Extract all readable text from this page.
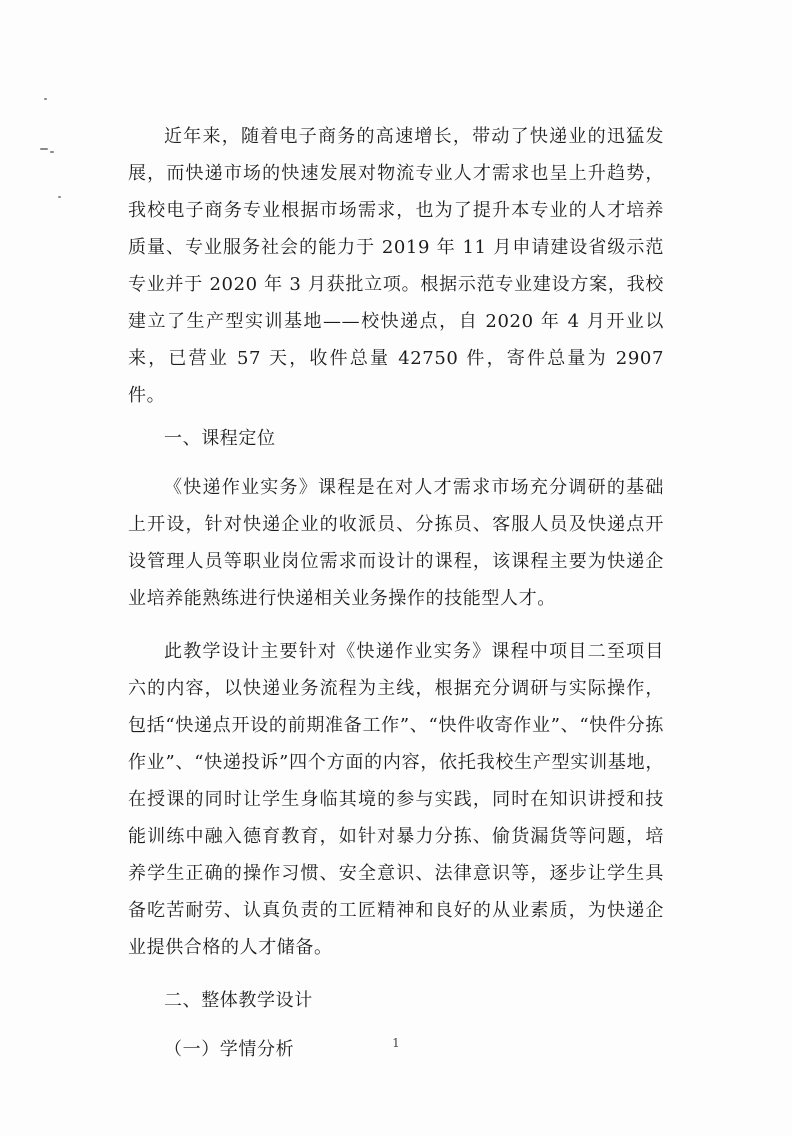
近年来，随着电子商务的高速增长，带动了快递业的迅猛发展，而快递市场的快速发展对物流专业人才需求也呈上升趋势，我校电子商务专业根据市场需求，也为了提升本专业的人才培养质量、专业服务社会的能力于 2019 年 11 月申请建设省级示范专业并于 2020 年 3 月获批立项。根据示范专业建设方案，我校建立了生产型实训基地——校快递点，自 2020 年 4 月开业以来，已营业 57 天，收件总量 42750 件，寄件总量为 2907 件。

一、课程定位

《快递作业实务》课程是在对人才需求市场充分调研的基础上开设，针对快递企业的收派员、分拣员、客服人员及快递点开设管理人员等职业岗位需求而设计的课程，该课程主要为快递企业培养能熟练进行快递相关业务操作的技能型人才。

此教学设计主要针对《快递作业实务》课程中项目二至项目六的内容，以快递业务流程为主线，根据充分调研与实际操作，包括“快递点开设的前期准备工作”、“快件收寄作业”、“快件分拣作业”、“快递投诉”四个方面的内容，依托我校生产型实训基地，在授课的同时让学生身临其境的参与实践，同时在知识讲授和技能训练中融入德育教育，如针对暴力分拣、偷货漏货等问题，培养学生正确的操作习惯、安全意识、法律意识等，逐步让学生具备吃苦耐劳、认真负责的工匠精神和良好的从业素质，为快递企业提供合格的人才储备。

二、整体教学设计

（一）学情分析	1
